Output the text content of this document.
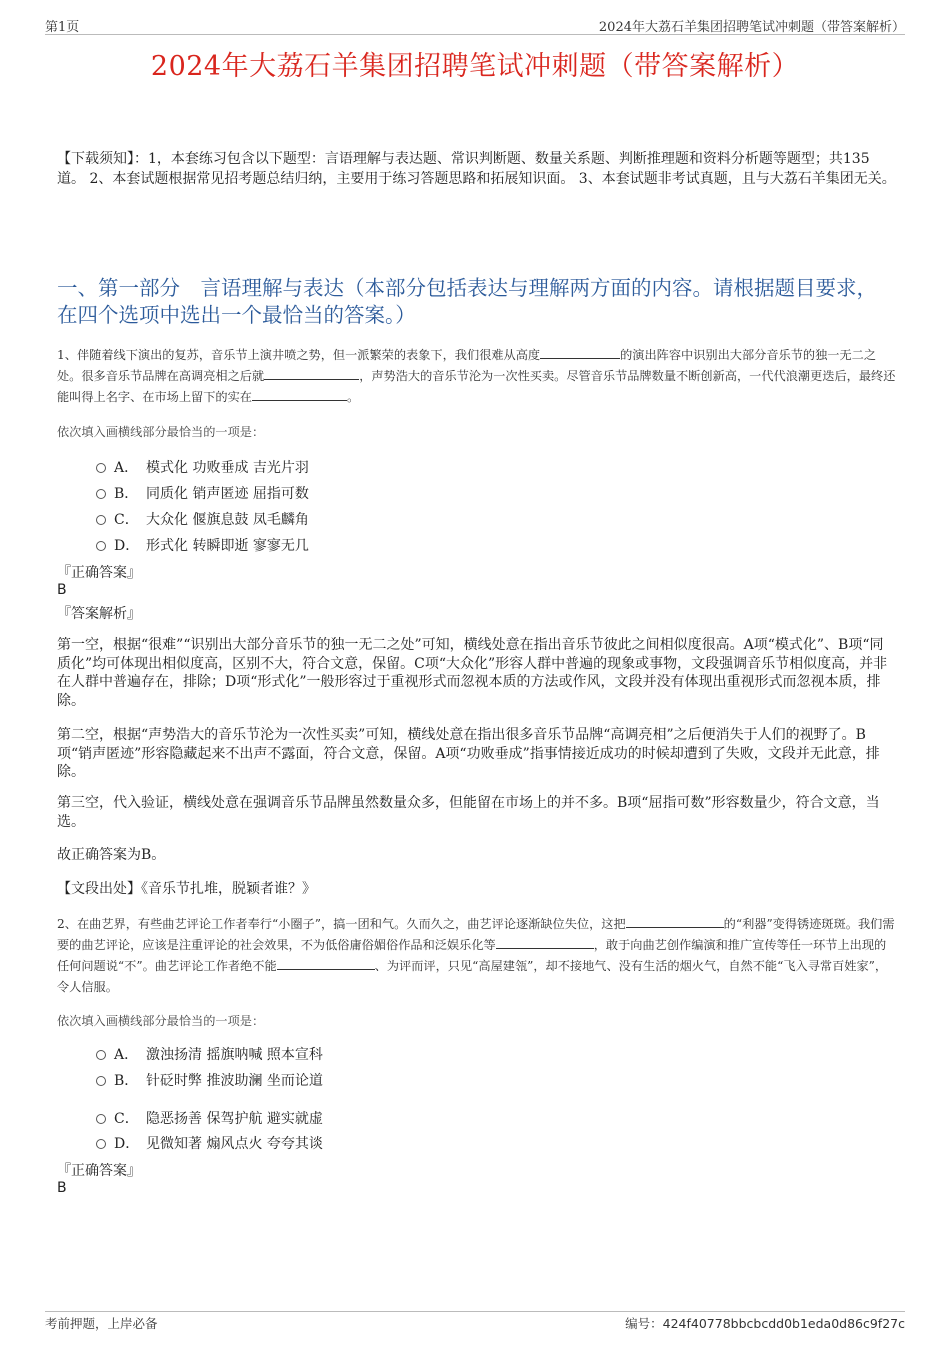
第1页	2024年大荔石羊集团招聘笔试冲刺题（带答案解析）
2024年大荔石羊集团招聘笔试冲刺题（带答案解析）
【下载须知】：1，本套练习包含以下题型：言语理解与表达题、常识判断题、数量关系题、判断推理题和资料分析题等题型；共135道。 2、本套试题根据常见招考题总结归纳，主要用于练习答题思路和拓展知识面。 3、本套试题非考试真题，且与大荔石羊集团无关。
一、第一部分　言语理解与表达（本部分包括表达与理解两方面的内容。请根据题目要求，在四个选项中选出一个最恰当的答案。）
1、伴随着线下演出的复苏，音乐节上演井喷之势，但一派繁荣的表象下，我们很难从高度	的演出阵容中识别出大部分音乐节的独一无二之处。很多音乐节品牌在高调亮相之后就	，声势浩大的音乐节沦为一次性买卖。尽管音乐节品牌数量不断创新高，一代代浪潮更迭后，最终还能叫得上名字、在市场上留下的实在	。
依次填入画横线部分最恰当的一项是：
A． 模式化 功败垂成 吉光片羽
B． 同质化 销声匿迹 屈指可数
C． 大众化 偃旗息鼓 凤毛麟角
D． 形式化 转瞬即逝 寥寥无几
『正确答案』
B
『答案解析』
第一空，根据“很难”“识别出大部分音乐节的独一无二之处”可知，横线处意在指出音乐节彼此之间相似度很高。A项“模式化”、B项“同质化”均可体现出相似度高，区别不大，符合文意，保留。C项“大众化”形容人群中普遍的现象或事物，文段强调音乐节相似度高，并非在人群中普遍存在，排除；D项“形式化”一般形容过于重视形式而忽视本质的方法或作风，文段并没有体现出重视形式而忽视本质，排除。
第二空，根据“声势浩大的音乐节沦为一次性买卖”可知，横线处意在指出很多音乐节品牌“高调亮相”之后便消失于人们的视野了。B项“销声匿迹”形容隐藏起来不出声不露面，符合文意，保留。A项“功败垂成”指事情接近成功的时候却遭到了失败，文段并无此意，排除。
第三空，代入验证，横线处意在强调音乐节品牌虽然数量众多，但能留在市场上的并不多。B项“屈指可数”形容数量少，符合文意，当选。
故正确答案为B。
【文段出处】《音乐节扎堆，脱颖者谁？》
2、在曲艺界，有些曲艺评论工作者奉行“小圈子”，搞一团和气。久而久之，曲艺评论逐渐缺位失位，这把	的“利器”变得锈迹斑斑。我们需要的曲艺评论，应该是注重评论的社会效果，不为低俗庸俗媚俗作品和泛娱乐化等	，敢于向曲艺创作编演和推广宣传等任一环节上出现的任何问题说“不”。曲艺评论工作者绝不能	、为评而评，只见“高屋建瓴”，却不接地气、没有生活的烟火气，自然不能“飞入寻常百姓家”，令人信服。
依次填入画横线部分最恰当的一项是：
A． 激浊扬清 摇旗呐喊 照本宣科
B． 针砭时弊 推波助澜 坐而论道
C． 隐恶扬善 保驾护航 避实就虚
D． 见微知著 煽风点火 夸夸其谈
『正确答案』
B
考前押题，上岸必备	编号：424f40778bbcbcdd0b1eda0d86c9f27c
